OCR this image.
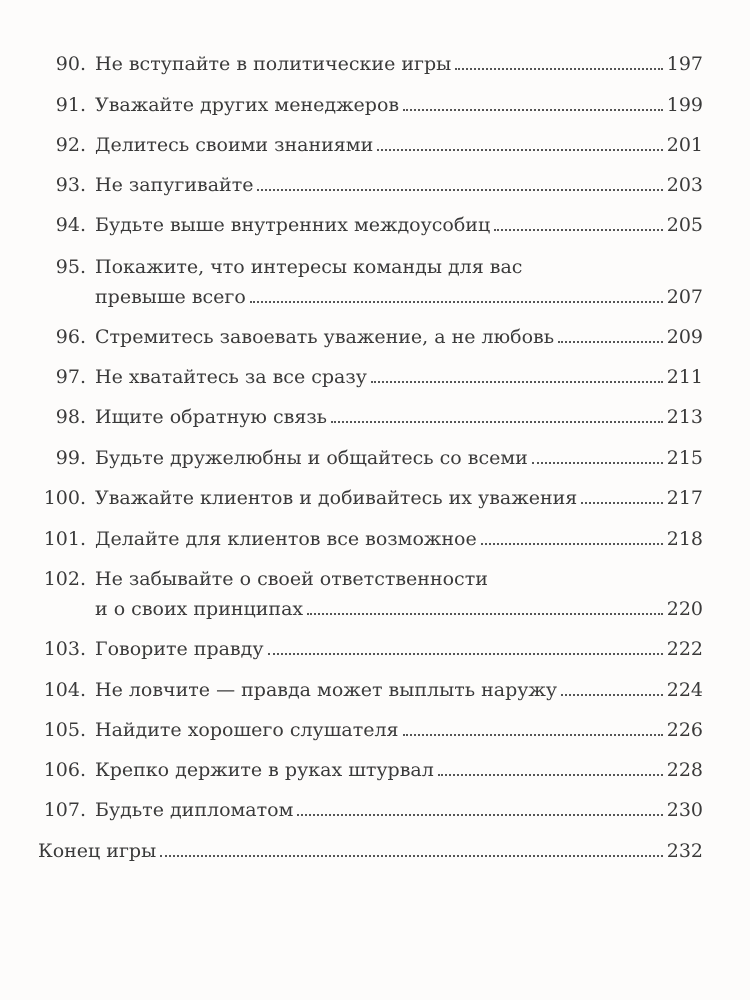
90. Не вступайте в политические игры	197
91. Уважайте других менеджеров	199
92. Делитесь своими знаниями	201
93. Не запугивайте	203
94. Будьте выше внутренних междоусобиц	205
95. Покажите, что интересы команды для вас
превыше всего	207
96. Стремитесь завоевать уважение, а не любовь	209
97. Не хватайтесь за все сразу	211
98. Ищите обратную связь	213
99. Будьте дружелюбны и общайтесь со всеми	215
100. Уважайте клиентов и добивайтесь их уважения	217
101. Делайте для клиентов все возможное	218
102. Не забывайте о своей ответственности
и о своих принципах	220
103. Говорите правду	222
104. Не ловчите — правда может выплыть наружу	224
105. Найдите хорошего слушателя	226
106. Крепко держите в руках штурвал	228
107. Будьте дипломатом	230
Конец игры	232
